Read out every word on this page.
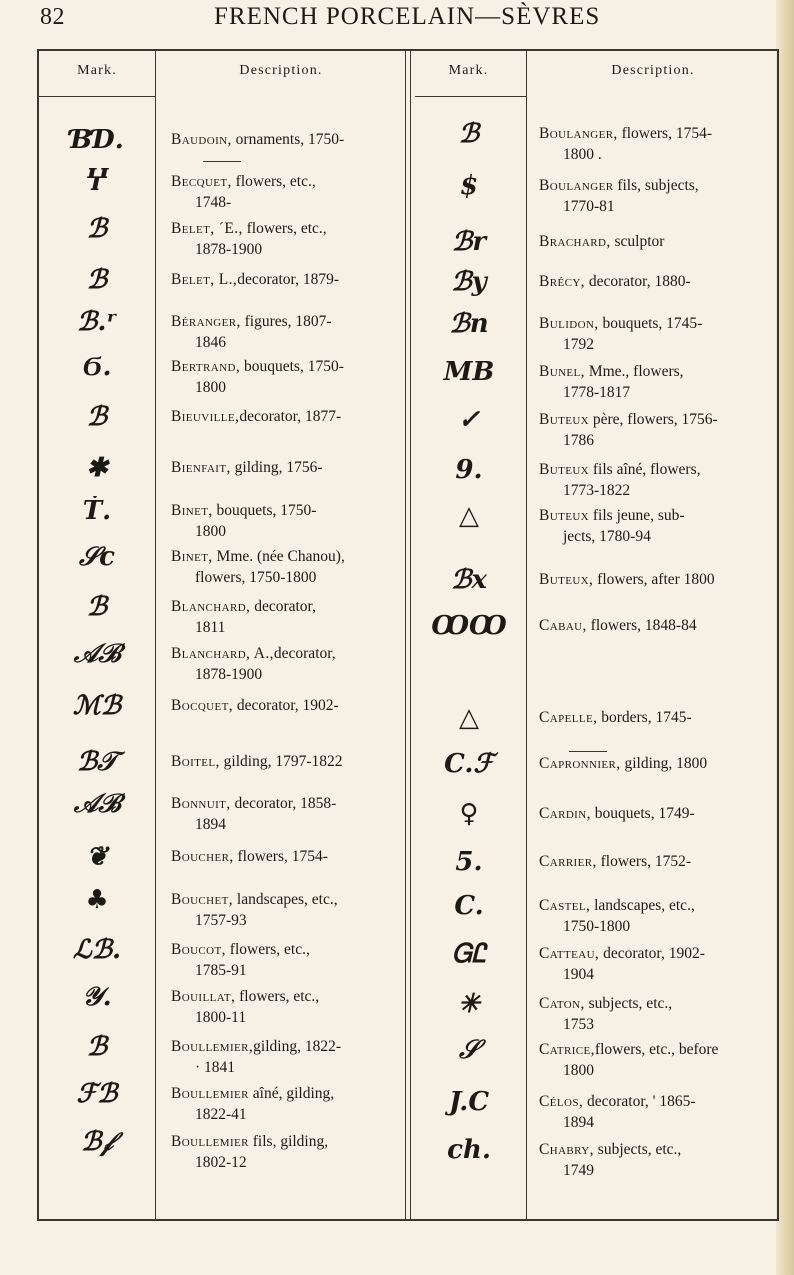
82	FRENCH PORCELAIN—SÈVRES
Mark.	Description.	Mark.	Description.
ƁƊ.	Baudoin, ornaments, 1750-
Ⴤ	Becquet, flowers, etc.,
1748-
ℬ	Belet, ´E., flowers, etc.,
1878-1900
ℬ	Belet, L.,decorator, 1879-
ℬ.ʳ	Béranger, figures, 1807-
1846
Ϭ.	Bertrand, bouquets, 1750-
1800
ℬ	Bieuville,decorator, 1877-
✱	Bienfait, gilding, 1756-
Ṫ.	Binet, bouquets, 1750-
1800
𝒮c	Binet, Mme. (née Chanou),
flowers, 1750-1800
ℬ	Blanchard, decorator,
1811
𝒜ℬ	Blanchard, A.,decorator,
1878-1900
ℳℬ	Bocquet, decorator, 1902-
ℬ𝒯	Boitel, gilding, 1797-1822
𝒜ℬ	Bonnuit, decorator, 1858-
1894
❦	Boucher, flowers, 1754-
♣	Bouchet, landscapes, etc.,
1757-93
ℒℬ.	Boucot, flowers, etc.,
1785-91
𝒴.	Bouillat, flowers, etc.,
1800-11
ℬ	Boullemier,gilding, 1822-
· 1841
ℱℬ	Boullemier aîné, gilding,
1822-41
ℬ𝒻	Boullemier fils, gilding,
1802-12
ℬ	Boulanger, flowers, 1754-
1800 .
$	Boulanger fils, subjects,
1770-81
ℬr	Brachard, sculptor
ℬy	Brécy, decorator, 1880-
ℬn	Bulidon, bouquets, 1745-
1792
MB	Bunel, Mme., flowers,
1778-1817
✓	Buteux père, flowers, 1756-
1786
9.	Buteux fils aîné, flowers,
1773-1822
△	Buteux fils jeune, sub-
jects, 1780-94
ℬx	Buteux, flowers, after 1800
ꝎꝎ	Cabau, flowers, 1848-84
△	Capelle, borders, 1745-
C.ℱ	Capronnier, gilding, 1800
♀	Cardin, bouquets, 1749-
5.	Carrier, flowers, 1752-
C.	Castel, landscapes, etc.,
1750-1800
ᏀᏝ	Catteau, decorator, 1902-
1904
✳	Caton, subjects, etc.,
1753
𝒮	Catrice,flowers, etc., before
1800
J.C	Célos, decorator, ' 1865-
1894
cℎ.	Chabry, subjects, etc.,
1749
